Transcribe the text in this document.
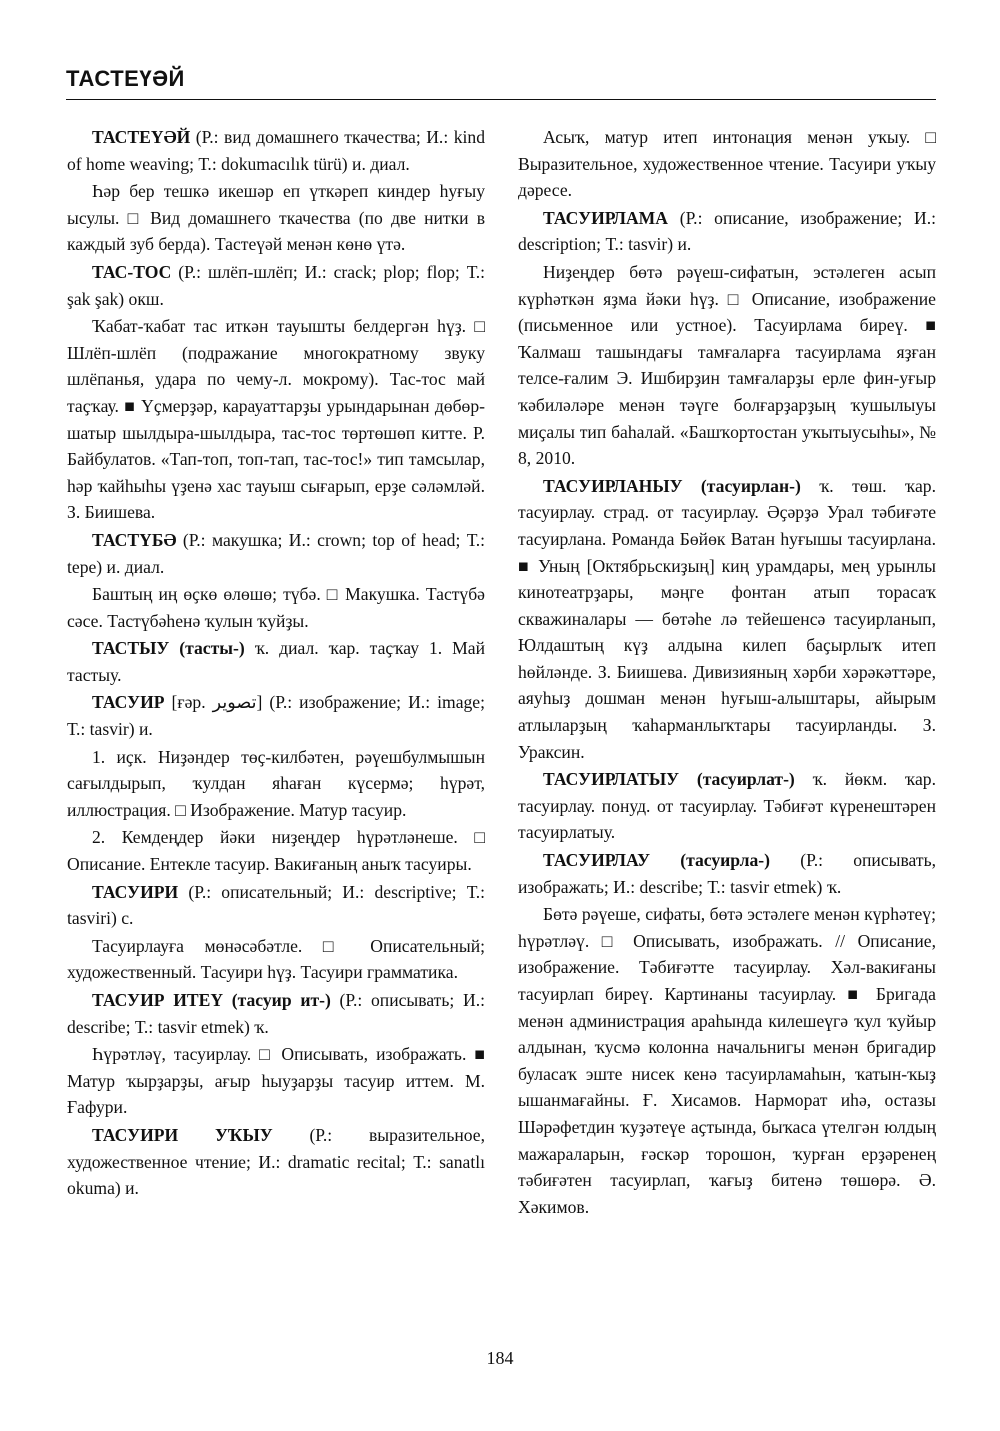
ТАСТЕҮӘЙ

ТАСТЕҮӘЙ (Р.: вид домашнего ткачества; И.: kind of home weaving; Т.: dokumacılık türü) и. диал.

Һәр бер тешкә икешәр еп үткәреп киндер һуғыу ысулы. □ Вид домашнего ткачества (по две нитки в каждый зуб берда). Тастеүәй менән көнө үтә.

ТАС-ТОС (Р.: шлёп-шлёп; И.: crack; plop; flop; Т.: şak şak) окш.

Ҡабат-ҡабат тас иткән тауышты белдергән һүҙ. □ Шлёп-шлёп (подражание многократному звуку шлёпанья, удара по чему-л. мокрому). Тас-тос май таҫҡау. ■ Үҫмерҙәр, карауаттарҙы урындарынан дөбөр-шатыр шылдыра-шылдыра, тас-тос төртөшөп китте. Р. Байбулатов. «Тап-топ, топ-тап, тас-тос!» тип тамсылар, һәр ҡайһыһы үҙенә хас тауыш сығарып, ерҙе сәләмләй. З. Биишева.

ТАСТҮБӘ (Р.: макушка; И.: crown; top of head; Т.: tepe) и. диал.

Баштың иң өҫкө өлөшө; түбә. □ Макушка. Тастүбә сәсе. Тастүбәһенә ҡулын ҡуйҙы.

ТАСТЫУ (тасты-) ҡ. диал. ҡар. таҫҡау 1. Май тастыу.

ТАСУИР [ғәр. تصوير] (Р.: изображение; И.: image; Т.: tasvir) и.

1. иҫк. Ниҙәндер төҫ-килбәтен, рәүешбулмышын сағылдырып, ҡулдан яһаған күсермә; һүрәт, иллюстрация. □ Изображение. Матур тасуир.

2. Кемдеңдер йәки ниҙеңдер һүрәтләнеше. □ Описание. Ентекле тасуир. Вакиғаның аныҡ тасуиры.

ТАСУИРИ (Р.: описательный; И.: descriptive; Т.: tasviri) с.

Тасуирлауға мөнәсәбәтле. □ Описательный; художественный. Тасуири һүҙ. Тасуири грамматика.

ТАСУИР ИТЕҮ (тасуир ит-) (Р.: описывать; И.: describe; Т.: tasvir etmek) ҡ.

Һүрәтләү, тасуирлау. □ Описывать, изображать. ■ Матур ҡырҙарҙы, ағыр һыуҙарҙы тасуир иттем. М. Ғафури.

ТАСУИРИ УҠЫУ (Р.: выразительное, художественное чтение; И.: dramatic recital; Т.: sanatlı okuma) и.

Асыҡ, матур итеп интонация менән уҡыу. □ Выразительное, художественное чтение. Тасуири уҡыу дәресе.

ТАСУИРЛАМА (Р.: описание, изображение; И.: description; Т.: tasvir) и.

Ниҙеңдер бөтә рәүеш-сифатын, эстәлеген асып күрһәткән яҙма йәки һүҙ. □ Описание, изображение (письменное или устное). Тасуирлама биреү. ■ Ҡалмаш ташындағы тамғаларға тасуирлама яҙған телсе-ғалим Э. Ишбирҙин тамғаларҙы ерле фин-уғыр ҡәбиләләре менән тәүге болғарҙарҙың ҡушылыуы миҫалы тип баһалай. «Башҡортостан уҡытыусыһы», № 8, 2010.

ТАСУИРЛАНЫУ (тасуирлан-) ҡ. төш. ҡар. тасуирлау. страд. от тасуирлау. Әҫәрҙә Урал тәбиғәте тасуирлана. Романда Бөйөк Ватан һуғышы тасуирлана. ■ Уның [Октябрьскиҙың] киң урамдары, мең урынлы кинотеатрҙары, мәңге фонтан атып торасаҡ скважиналары — бөтәһе лә тейешенсә тасуирланып, Юлдаштың күҙ алдына килеп баҫырлыҡ итеп һөйләнде. З. Биишева. Дивизияның хәрби хәрәкәттәре, аяуһыҙ дошман менән һуғыш-алыштары, айырым атлыларҙың ҡаһарманлыҡтары тасуирланды. З. Ураксин.

ТАСУИРЛАТЫУ (тасуирлат-) ҡ. йөкм. ҡар. тасуирлау. понуд. от тасуирлау. Тәбиғәт күренештәрен тасуирлатыу.

ТАСУИРЛАУ (тасуирла-) (Р.: описывать, изображать; И.: describe; Т.: tasvir etmek) ҡ.

Бөтә рәүеше, сифаты, бөтә эстәлеге менән күрһәтеү; һүрәтләү. □ Описывать, изображать. // Описание, изображение. Тәбиғәтте тасуирлау. Хәл-вакиғаны тасуирлап биреү. Картинаны тасуирлау. ■ Бригада менән администрация араһында килешеүгә ҡул ҡуйыр алдынан, ҡусмә колонна начальнигы менән бригадир буласаҡ эште нисек кенә тасуирламаһын, ҡатын-ҡыҙ ышанмағайны. Ғ. Хисамов. Нарморат иһә, остазы Шәрәфетдин ҡуҙәтеүе аҫтында, быҡаса үтелгән юлдың мажараларын, ғәскәр торошон, ҡурған ерҙәренең тәбиғәтен тасуирлап, ҡағыҙ битенә төшөрә. Ә. Хәкимов.

184
